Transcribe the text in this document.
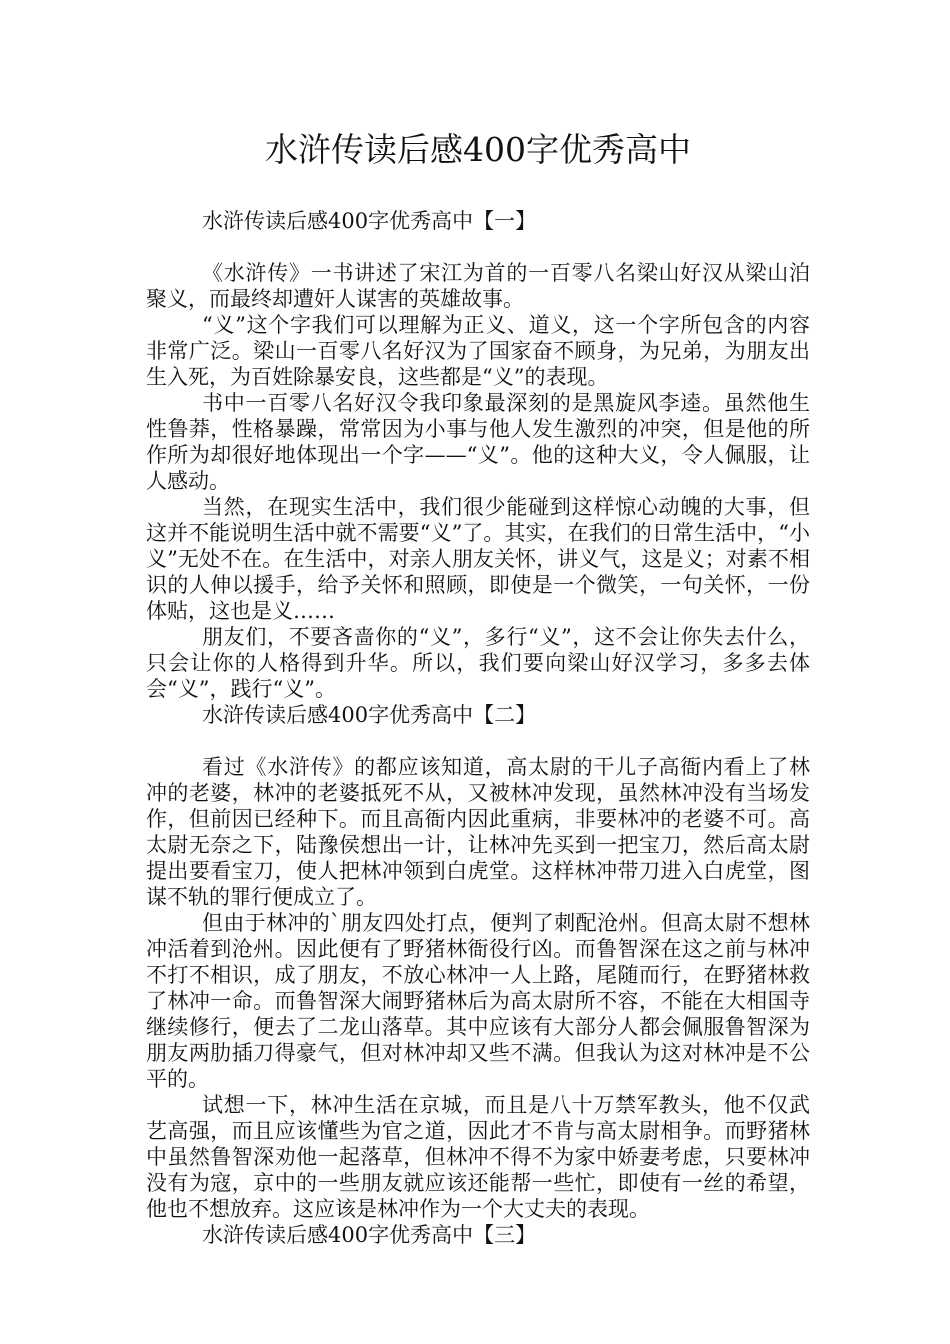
水浒传读后感400字优秀高中

水浒传读后感400字优秀高中【一】

《水浒传》一书讲述了宋江为首的一百零八名梁山好汉从梁山泊聚义，而最终却遭奸人谋害的英雄故事。

“义”这个字我们可以理解为正义、道义，这一个字所包含的内容非常广泛。梁山一百零八名好汉为了国家奋不顾身，为兄弟，为朋友出生入死，为百姓除暴安良，这些都是“义”的表现。

书中一百零八名好汉令我印象最深刻的是黑旋风李逵。虽然他生性鲁莽，性格暴躁，常常因为小事与他人发生激烈的冲突，但是他的所作所为却很好地体现出一个字——“义”。他的这种大义，令人佩服，让人感动。

当然，在现实生活中，我们很少能碰到这样惊心动魄的大事，但这并不能说明生活中就不需要“义”了。其实，在我们的日常生活中，“小义”无处不在。在生活中，对亲人朋友关怀，讲义气，这是义；对素不相识的人伸以援手，给予关怀和照顾，即使是一个微笑，一句关怀，一份体贴，这也是义……

朋友们，不要吝啬你的“义”，多行“义”，这不会让你失去什么，只会让你的人格得到升华。所以，我们要向梁山好汉学习，多多去体会“义”，践行“义”。

水浒传读后感400字优秀高中【二】

看过《水浒传》的都应该知道，高太尉的干儿子高衙内看上了林冲的老婆，林冲的老婆抵死不从，又被林冲发现，虽然林冲没有当场发作，但前因已经种下。而且高衙内因此重病，非要林冲的老婆不可。高太尉无奈之下，陆豫侯想出一计，让林冲先买到一把宝刀，然后高太尉提出要看宝刀，使人把林冲领到白虎堂。这样林冲带刀进入白虎堂，图谋不轨的罪行便成立了。

但由于林冲的`朋友四处打点，便判了刺配沧州。但高太尉不想林冲活着到沧州。因此便有了野猪林衙役行凶。而鲁智深在这之前与林冲不打不相识，成了朋友，不放心林冲一人上路，尾随而行，在野猪林救了林冲一命。而鲁智深大闹野猪林后为高太尉所不容，不能在大相国寺继续修行，便去了二龙山落草。其中应该有大部分人都会佩服鲁智深为朋友两肋插刀得豪气，但对林冲却又些不满。但我认为这对林冲是不公平的。

试想一下，林冲生活在京城，而且是八十万禁军教头，他不仅武艺高强，而且应该懂些为官之道，因此才不肯与高太尉相争。而野猪林中虽然鲁智深劝他一起落草，但林冲不得不为家中娇妻考虑，只要林冲没有为寇，京中的一些朋友就应该还能帮一些忙，即使有一丝的希望，他也不想放弃。这应该是林冲作为一个大丈夫的表现。

水浒传读后感400字优秀高中【三】
